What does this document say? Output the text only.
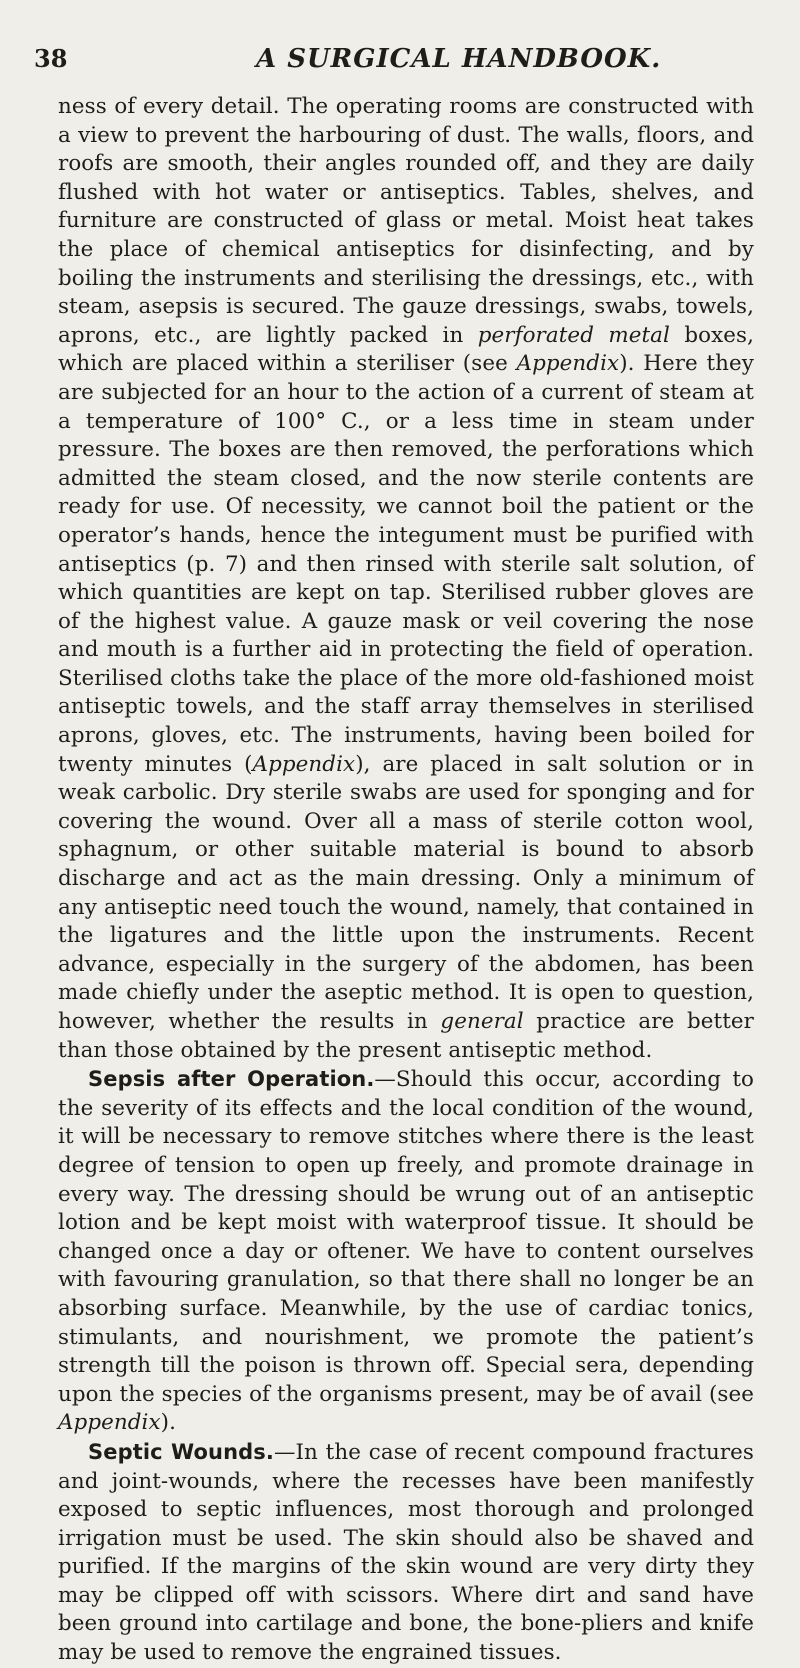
38	A SURGICAL HANDBOOK.

ness of every detail. The operating rooms are constructed with a view to prevent the harbouring of dust. The walls, floors, and roofs are smooth, their angles rounded off, and they are daily flushed with hot water or antiseptics. Tables, shelves, and furniture are constructed of glass or metal. Moist heat takes the place of chemical antiseptics for disinfecting, and by boiling the instruments and sterilising the dressings, etc., with steam, asepsis is secured. The gauze dressings, swabs, towels, aprons, etc., are lightly packed in perforated metal boxes, which are placed within a steriliser (see Appendix). Here they are subjected for an hour to the action of a current of steam at a temperature of 100° C., or a less time in steam under pressure. The boxes are then removed, the perforations which admitted the steam closed, and the now sterile contents are ready for use. Of necessity, we cannot boil the patient or the operator’s hands, hence the integument must be purified with antiseptics (p. 7) and then rinsed with sterile salt solution, of which quantities are kept on tap. Sterilised rubber gloves are of the highest value. A gauze mask or veil covering the nose and mouth is a further aid in protecting the field of operation. Sterilised cloths take the place of the more old-fashioned moist antiseptic towels, and the staff array themselves in sterilised aprons, gloves, etc. The instruments, having been boiled for twenty minutes (Appendix), are placed in salt solution or in weak carbolic. Dry sterile swabs are used for sponging and for covering the wound. Over all a mass of sterile cotton wool, sphagnum, or other suitable material is bound to absorb discharge and act as the main dressing. Only a minimum of any antiseptic need touch the wound, namely, that contained in the ligatures and the little upon the instruments. Recent advance, especially in the surgery of the abdomen, has been made chiefly under the aseptic method. It is open to question, however, whether the results in general practice are better than those obtained by the present antiseptic method.

Sepsis after Operation.—Should this occur, according to the severity of its effects and the local condition of the wound, it will be necessary to remove stitches where there is the least degree of tension to open up freely, and promote drainage in every way. The dressing should be wrung out of an antiseptic lotion and be kept moist with waterproof tissue. It should be changed once a day or oftener. We have to content ourselves with favouring granulation, so that there shall no longer be an absorbing surface. Meanwhile, by the use of cardiac tonics, stimulants, and nourishment, we promote the patient’s strength till the poison is thrown off. Special sera, depending upon the species of the organisms present, may be of avail (see Appendix).

Septic Wounds.—In the case of recent compound fractures and joint-wounds, where the recesses have been manifestly exposed to septic influences, most thorough and prolonged irrigation must be used. The skin should also be shaved and purified. If the margins of the skin wound are very dirty they may be clipped off with scissors. Where dirt and sand have been ground into cartilage and bone, the bone-pliers and knife may be used to remove the engrained tissues.
